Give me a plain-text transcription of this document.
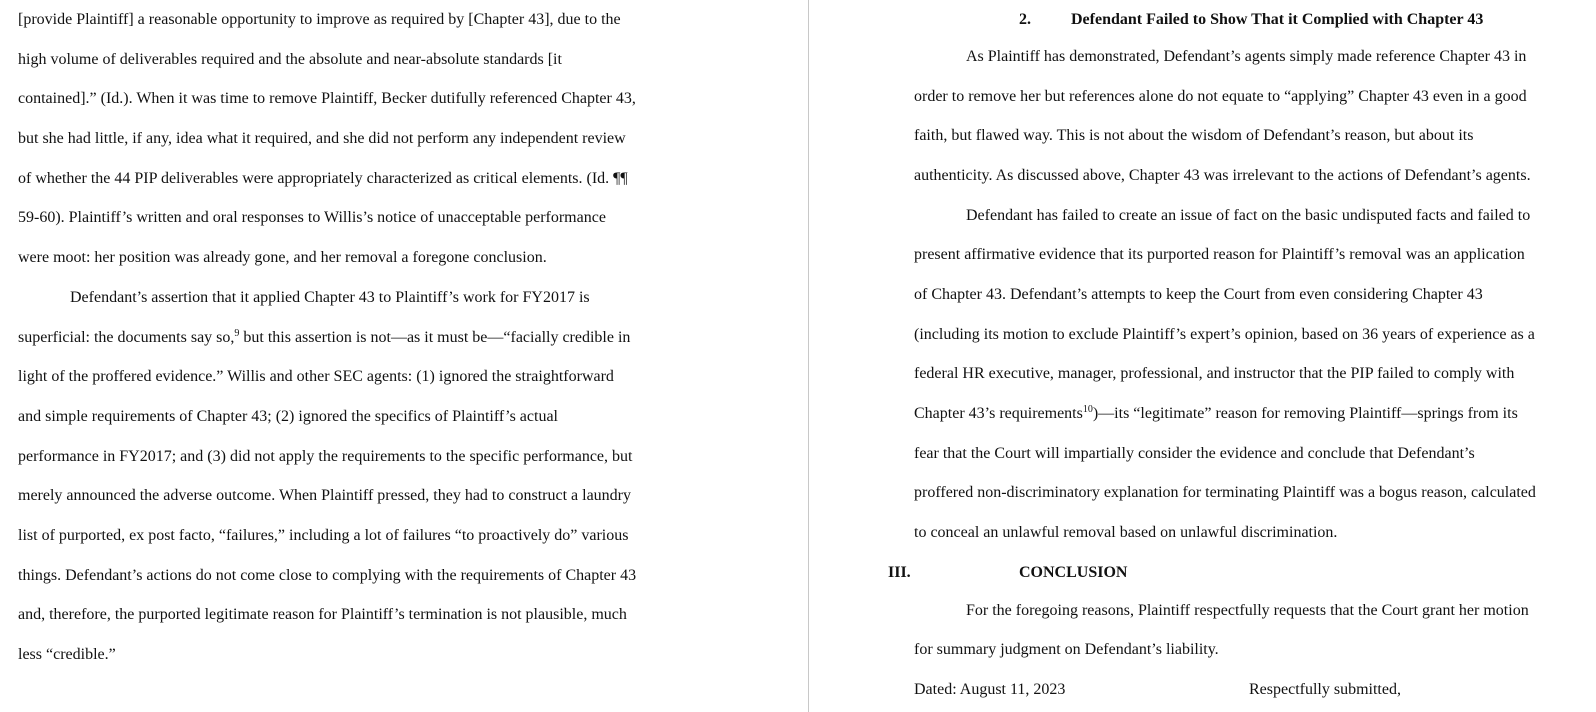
[provide Plaintiff] a reasonable opportunity to improve as required by [Chapter 43], due to the
high volume of deliverables required and the absolute and near-absolute standards [it
contained].” (Id.). When it was time to remove Plaintiff, Becker dutifully referenced Chapter 43,
but she had little, if any, idea what it required, and she did not perform any independent review
of whether the 44 PIP deliverables were appropriately characterized as critical elements. (Id. ¶¶
59-60). Plaintiff’s written and oral responses to Willis’s notice of unacceptable performance
were moot: her position was already gone, and her removal a foregone conclusion.
Defendant’s assertion that it applied Chapter 43 to Plaintiff’s work for FY2017 is
superficial: the documents say so,$^9$ but this assertion is not—as it must be—“facially credible in
light of the proffered evidence.” Willis and other SEC agents: (1) ignored the straightforward
and simple requirements of Chapter 43; (2) ignored the specifics of Plaintiff’s actual
performance in FY2017; and (3) did not apply the requirements to the specific performance, but
merely announced the adverse outcome. When Plaintiff pressed, they had to construct a laundry
list of purported, ex post facto, “failures,” including a lot of failures “to proactively do” various
things. Defendant’s actions do not come close to complying with the requirements of Chapter 43
and, therefore, the purported legitimate reason for Plaintiff’s termination is not plausible, much
less “credible.”
2.	Defendant Failed to Show That it Complied with Chapter 43
As Plaintiff has demonstrated, Defendant’s agents simply made reference Chapter 43 in
order to remove her but references alone do not equate to “applying” Chapter 43 even in a good
faith, but flawed way. This is not about the wisdom of Defendant’s reason, but about its
authenticity. As discussed above, Chapter 43 was irrelevant to the actions of Defendant’s agents.
Defendant has failed to create an issue of fact on the basic undisputed facts and failed to
present affirmative evidence that its purported reason for Plaintiff’s removal was an application
of Chapter 43. Defendant’s attempts to keep the Court from even considering Chapter 43
(including its motion to exclude Plaintiff’s expert’s opinion, based on 36 years of experience as a
federal HR executive, manager, professional, and instructor that the PIP failed to comply with
Chapter 43’s requirements$^{10}$)—its “legitimate” reason for removing Plaintiff—springs from its
fear that the Court will impartially consider the evidence and conclude that Defendant’s
proffered non-discriminatory explanation for terminating Plaintiff was a bogus reason, calculated
to conceal an unlawful removal based on unlawful discrimination.
III.	CONCLUSION
For the foregoing reasons, Plaintiff respectfully requests that the Court grant her motion
for summary judgment on Defendant’s liability.
Dated: August 11, 2023	Respectfully submitted,
